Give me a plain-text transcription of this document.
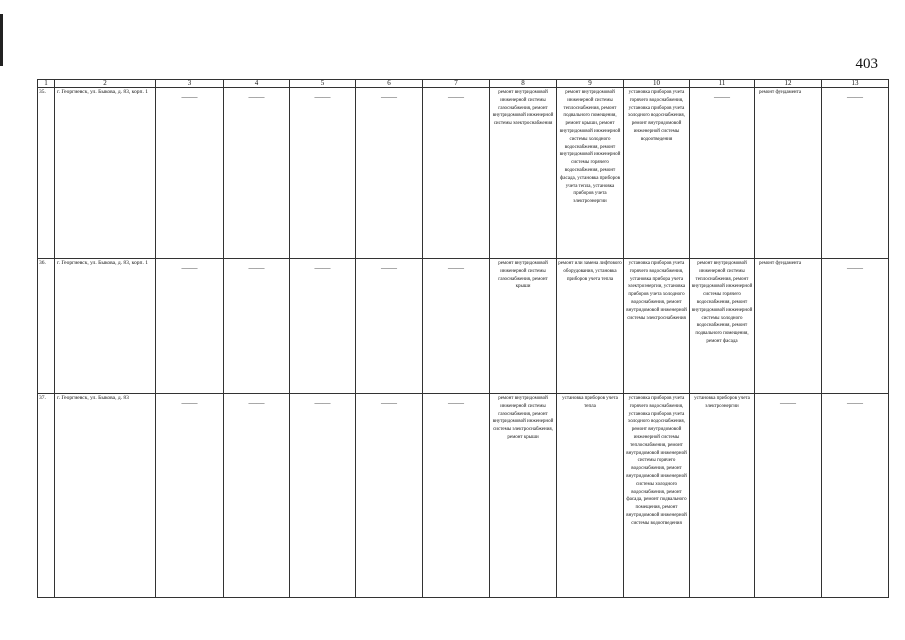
403
1	2	3	4	5	6	7	8	9	10	11	12	13
35.	г. Георгиевск, ул. Быкова, д. 83, корп. 1	——	——	——	——	——	ремонт внутридомовой инженерной системы газоснабжения, ремонт внутридомовой инженерной системы электроснабжения	ремонт внутридомовой инженерной системы теплоснабжения, ремонт подвального помещения, ремонт крыши, ремонт внутридомовой инженерной системы холодного водоснабжения, ремонт внутридомовой инженерной системы горячего водоснабжения, ремонт фасада, установка приборов учета тепла, установка приборов учета электроэнергии	установка приборов учета горячего водоснабжения, установка приборов учета холодного водоснабжения, ремонт внутридомовой инженерной системы водоотведения	——	ремонт фундамента	——
36.	г. Георгиевск, ул. Быкова, д. 83, корп. 1	——	——	——	——	——	ремонт внутридомовой инженерной системы газоснабжения, ремонт крыши	ремонт или замена лифтового оборудования, установка приборов учета тепла	установка приборов учета горячего водоснабжения, установка прибора учета электроэнергии, установка приборов учета холодного водоснабжения, ремонт внутридомовой инженерной системы электроснабжения	ремонт внутридомовой инженерной системы теплоснабжения, ремонт внутридомовой инженерной системы горячего водоснабжения, ремонт внутридомовой инженерной системы холодного водоснабжения, ремонт подвального помещения, ремонт фасада	ремонт фундамента	——
37.	г. Георгиевск, ул. Быкова, д. 83	——	——	——	——	——	ремонт внутридомовой инженерной системы газоснабжения, ремонт внутридомовой инженерной системы электроснабжения, ремонт крыши	установка приборов учета тепла	установка приборов учета горячего водоснабжения, установка приборов учета холодного водоснабжения, ремонт внутридомовой инженерной системы теплоснабжения, ремонт внутридомовой инженерной системы горячего водоснабжения, ремонт внутридомовой инженерной системы холодного водоснабжения, ремонт фасада, ремонт подвального помещения, ремонт внутридомовой инженерной системы водоотведения	установка приборов учета электроэнергии	——	——
